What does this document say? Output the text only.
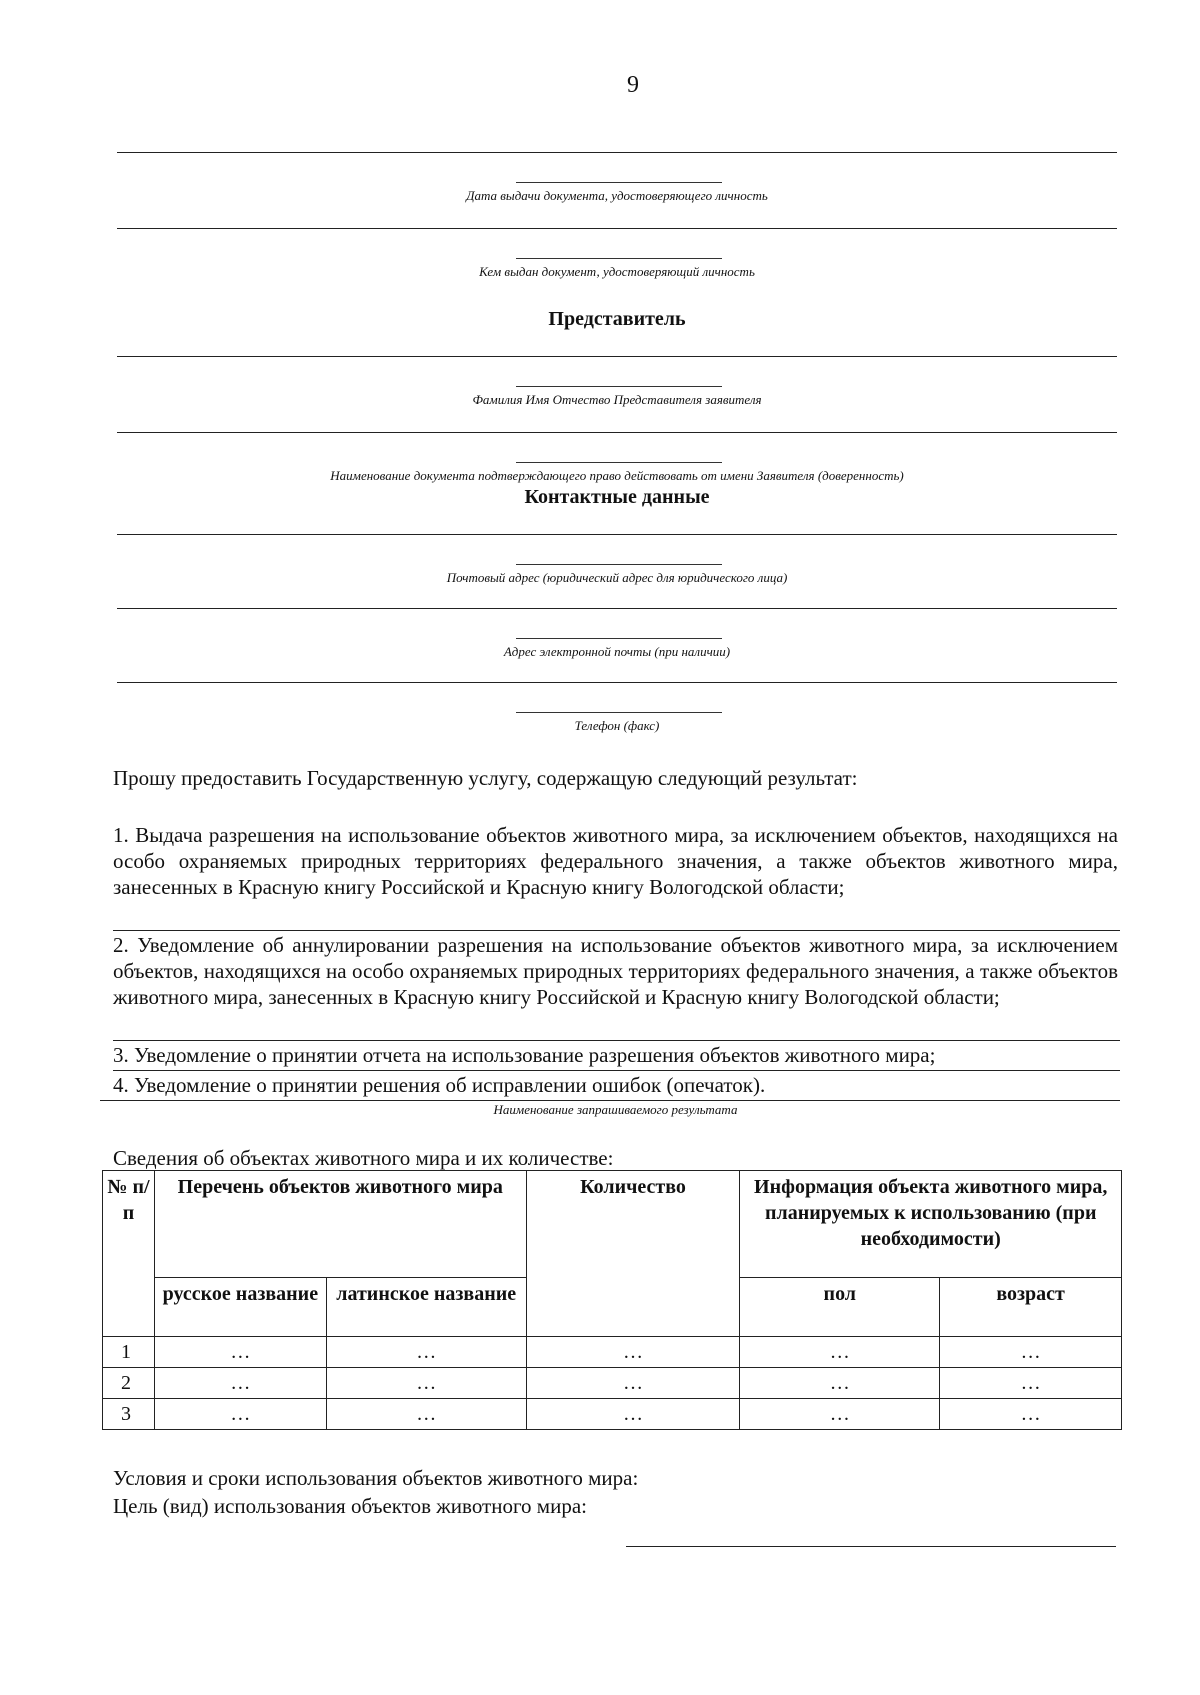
9
Дата выдачи документа, удостоверяющего личность
Кем выдан документ, удостоверяющий личность
Представитель
Фамилия Имя Отчество Представителя заявителя
Наименование документа подтверждающего право действовать от имени Заявителя (доверенность)
Контактные данные
Почтовый адрес (юридический адрес для юридического лица)
Адрес электронной почты (при наличии)
Телефон (факс)
Прошу предоставить Государственную услугу, содержащую следующий результат:
1. Выдача разрешения на использование объектов животного мира, за исключением объектов, находящихся на особо охраняемых природных территориях федерального значения, а также объектов животного мира, занесенных в Красную книгу Российской и Красную книгу Вологодской области;
2. Уведомление об аннулировании разрешения на использование объектов животного мира, за исключением объектов, находящихся на особо охраняемых природных территориях федерального значения, а также объектов животного мира, занесенных в Красную книгу Российской и Красную книгу Вологодской области;
3. Уведомление о принятии отчета на использование разрешения объектов животного мира;
4. Уведомление о принятии решения об исправлении ошибок (опечаток).
Наименование запрашиваемого результата
Сведения об объектах животного мира и их количестве:
№ п/ п	Перечень объектов животного мира		Количество	Информация объекта животного мира, планируемых к использованию (при необходимости)	
	русское название	латинское название		пол	возраст
1	…	…	…	…	…
2	…	…	…	…	…
3	…	…	…	…	…
Условия и сроки использования объектов животного мира:
Цель (вид) использования объектов животного мира:
